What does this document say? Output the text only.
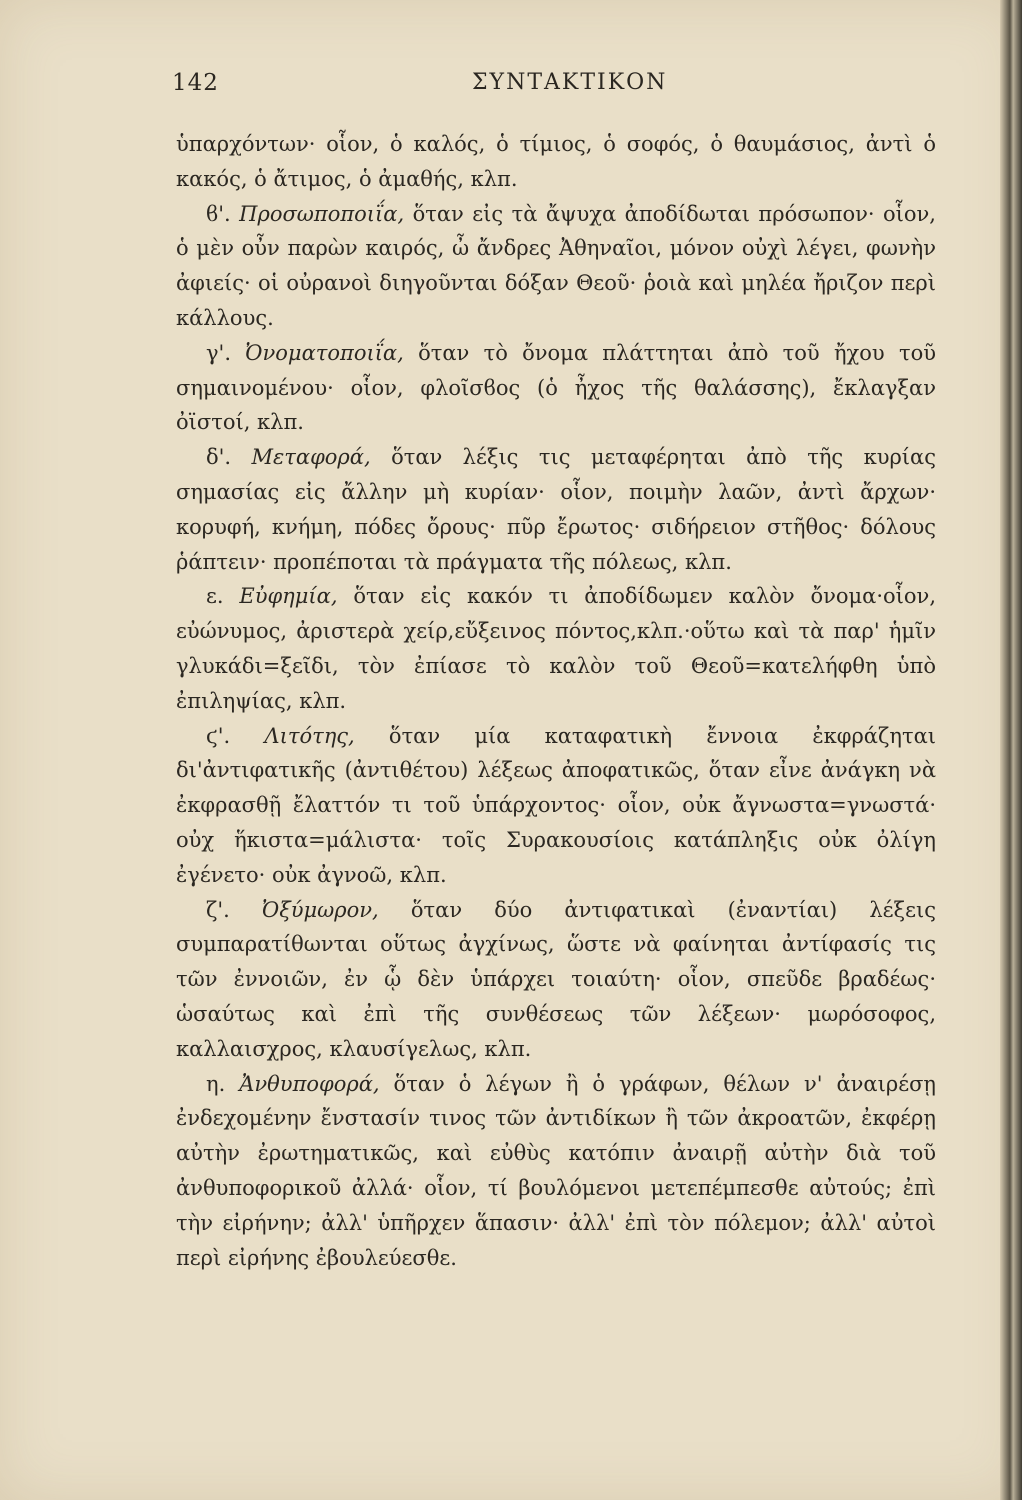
142	ΣΥΝΤΑΚΤΙΚΟΝ

ὑπαρχόντων· οἷον, ὁ καλός, ὁ τίμιος, ὁ σοφός, ὁ θαυμάσιος, ἀντὶ ὁ κακός, ὁ ἄτιμος, ὁ ἀμαθής, κλπ.

ϐ'. Προσωποποιΐα, ὅταν εἰς τὰ ἄψυχα ἀποδίδωται πρόσωπον· οἷον, ὁ μὲν οὖν παρὼν καιρός, ὦ ἄνδρες Ἀθηναῖοι, μόνον οὐχὶ λέγει, φωνὴν ἀφιείς· οἱ οὐρανοὶ διηγοῦνται δόξαν Θεοῦ· ῥοιὰ καὶ μηλέα ἤριζον περὶ κάλλους.

γ'. Ὀνοματοποιΐα, ὅταν τὸ ὄνομα πλάττηται ἀπὸ τοῦ ἤχου τοῦ σημαινομένου· οἷον, φλοῖσϐος (ὁ ἦχος τῆς θαλάσσης), ἔκλαγξαν ὀϊστοί, κλπ.

δ'. Μεταφορά, ὅταν λέξις τις μεταφέρηται ἀπὸ τῆς κυρίας σημασίας εἰς ἄλλην μὴ κυρίαν· οἷον, ποιμὴν λαῶν, ἀντὶ ἄρχων· κορυφή, κνήμη, πόδες ὄρους· πῦρ ἔρωτος· σιδήρειον στῆθος· δόλους ῥάπτειν· προπέποται τὰ πράγματα τῆς πόλεως, κλπ.

ε. Εὐφημία, ὅταν εἰς κακόν τι ἀποδίδωμεν καλὸν ὄνομα·οἷον, εὐώνυμος, ἀριστερὰ χείρ,εὔξεινος πόντος,κλπ.·οὕτω καὶ τὰ παρ' ἡμῖν γλυκάδι=ξεῖδι, τὸν ἐπίασε τὸ καλὸν τοῦ Θεοῦ=κατελήφθη ὑπὸ ἐπιληψίας, κλπ.

ϛ'. Λιτότης, ὅταν μία καταφατικὴ ἔννοια ἐκφράζηται δι'ἀντιφατικῆς (ἀντιθέτου) λέξεως ἀποφατικῶς, ὅταν εἶνε ἀνάγκη νὰ ἐκφρασθῇ ἔλαττόν τι τοῦ ὑπάρχοντος· οἷον, οὐκ ἄγνωστα=γνωστά· οὐχ ἥκιστα=μάλιστα· τοῖς Συρακουσίοις κατάπληξις οὐκ ὀλίγη ἐγένετο· οὐκ ἀγνοῶ, κλπ.

ζ'. Ὀξύμωρον, ὅταν δύο ἀντιφατικαὶ (ἐναντίαι) λέξεις συμπαρατίθωνται οὕτως ἀγχίνως, ὥστε νὰ φαίνηται ἀντίφασίς τις τῶν ἐννοιῶν, ἐν ᾧ δὲν ὑπάρχει τοιαύτη· οἷον, σπεῦδε βραδέως· ὡσαύτως καὶ ἐπὶ τῆς συνθέσεως τῶν λέξεων· μωρόσοφος, καλλαισχρος, κλαυσίγελως, κλπ.

η. Ἀνθυποφορά, ὅταν ὁ λέγων ἢ ὁ γράφων, θέλων ν' ἀναιρέσῃ ἐνδεχομένην ἔνστασίν τινος τῶν ἀντιδίκων ἢ τῶν ἀκροατῶν, ἐκφέρῃ αὐτὴν ἐρωτηματικῶς, καὶ εὐθὺς κατόπιν ἀναιρῇ αὐτὴν διὰ τοῦ ἀνθυποφορικοῦ ἀλλά· οἷον, τί βουλόμενοι μετεπέμπεσθε αὐτούς; ἐπὶ τὴν εἰρήνην; ἀλλ' ὑπῆρχεν ἅπασιν· ἀλλ' ἐπὶ τὸν πόλεμον; ἀλλ' αὐτοὶ περὶ εἰρήνης ἐβουλεύεσθε.
